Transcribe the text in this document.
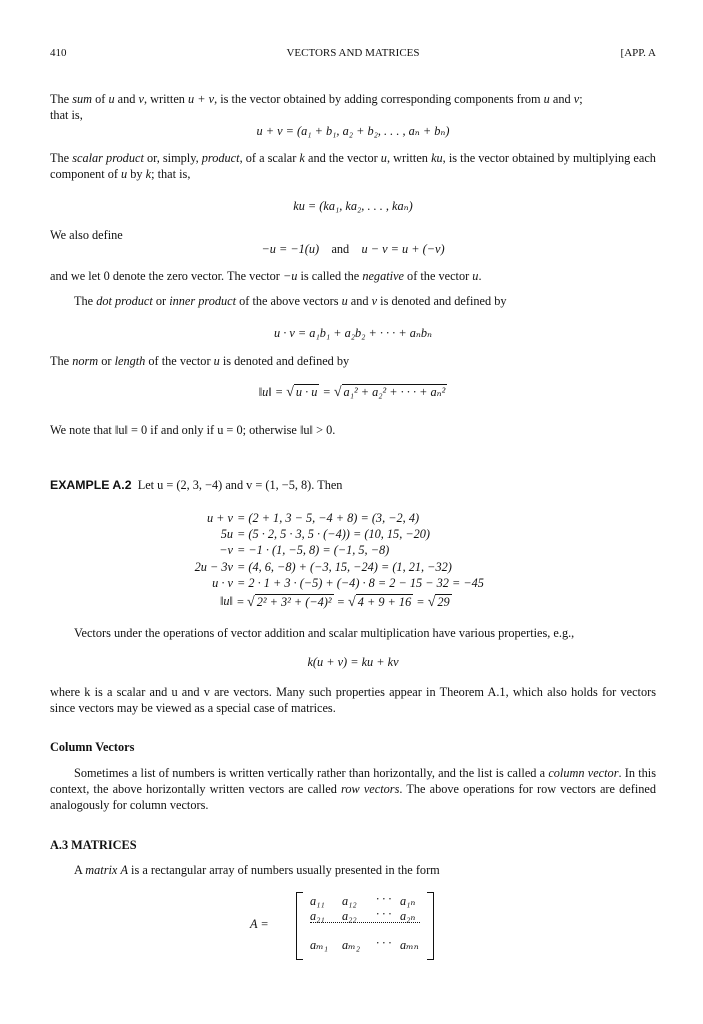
410	VECTORS AND MATRICES	[APP. A
The sum of u and v, written u + v, is the vector obtained by adding corresponding components from u and v;
that is,
u + v = (a₁ + b₁, a₂ + b₂, . . . , aₙ + bₙ)
The scalar product or, simply, product, of a scalar k and the vector u, written ku, is the vector obtained by multiplying each component of u by k; that is,
ku = (ka₁, ka₂, . . . , kaₙ)
We also define
−u = −1(u) and u − v = u + (−v)
and we let 0 denote the zero vector. The vector −u is called the negative of the vector u.
The dot product or inner product of the above vectors u and v is denoted and defined by
u · v = a₁b₁ + a₂b₂ + · · · + aₙbₙ
The norm or length of the vector u is denoted and defined by
‖u‖ = √ u · u = √ a₁² + a₂² + · · · + aₙ²
We note that ‖u‖ = 0 if and only if u = 0; otherwise ‖u‖ > 0.
EXAMPLE A.2 Let u = (2, 3, −4) and v = (1, −5, 8). Then
u + v = (2 + 1, 3 − 5, −4 + 8) = (3, −2, 4)
5u = (5 · 2, 5 · 3, 5 · (−4)) = (10, 15, −20)
−v = −1 · (1, −5, 8) = (−1, 5, −8)
2u − 3v = (4, 6, −8) + (−3, 15, −24) = (1, 21, −32)
u · v = 2 · 1 + 3 · (−5) + (−4) · 8 = 2 − 15 − 32 = −45
‖u‖ = √ 2² + 3² + (−4)² = √ 4 + 9 + 16 = √ 29
Vectors under the operations of vector addition and scalar multiplication have various properties, e.g.,
k(u + v) = ku + kv
where k is a scalar and u and v are vectors. Many such properties appear in Theorem A.1, which also holds for vectors since vectors may be viewed as a special case of matrices.
Column Vectors
Sometimes a list of numbers is written vertically rather than horizontally, and the list is called a column vector. In this context, the above horizontally written vectors are called row vectors. The above operations for row vectors are defined analogously for column vectors.
A.3 MATRICES
A matrix A is a rectangular array of numbers usually presented in the form
A =
a₁₁ a₁₂ · · · a₁ₙ
a₂₁ a₂₂ · · · a₂ₙ
aₘ₁ aₘ₂ · · · aₘₙ
